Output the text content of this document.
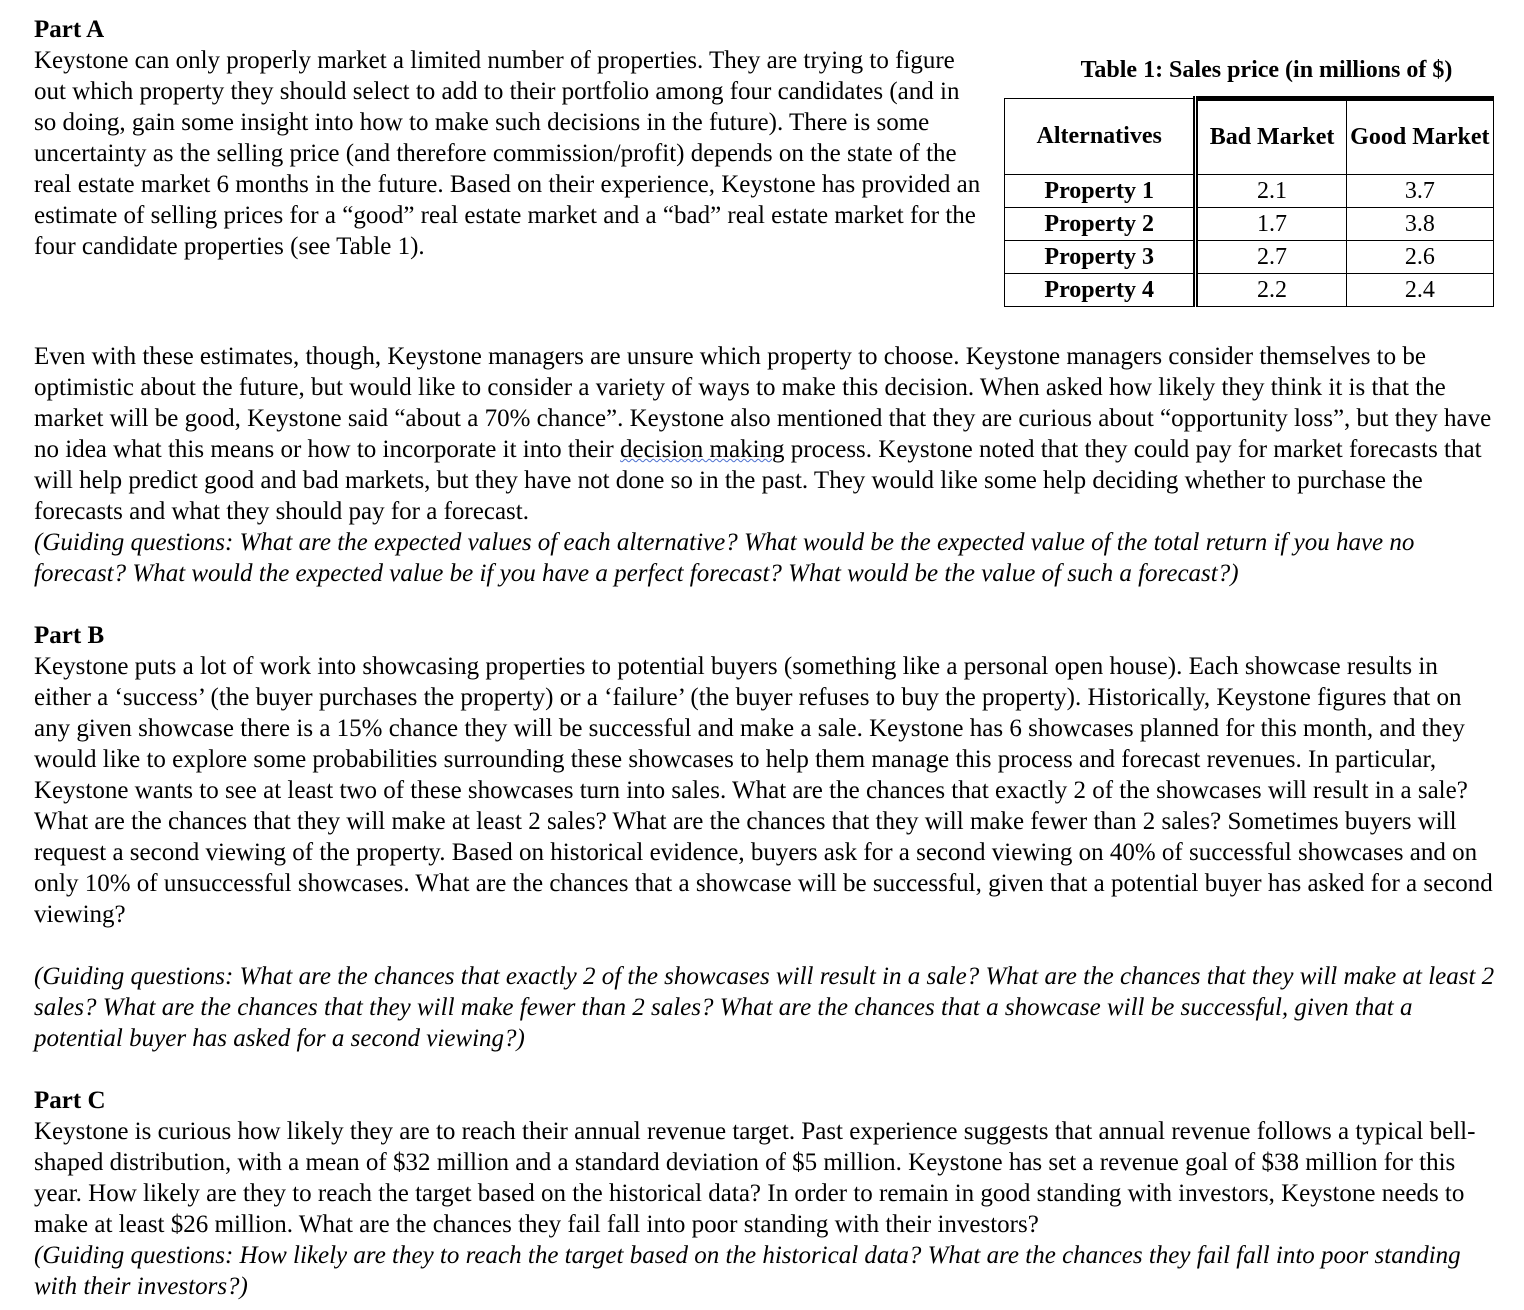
Part A

Keystone can only properly market a limited number of properties. They are trying to figure out which property they should select to add to their portfolio among four candidates (and in so doing, gain some insight into how to make such decisions in the future). There is some uncertainty as the selling price (and therefore commission/profit) depends on the state of the real estate market 6 months in the future. Based on their experience, Keystone has provided an estimate of selling prices for a “good” real estate market and a “bad” real estate market for the four candidate properties (see Table 1).

Table 1: Sales price (in millions of $)
Alternatives	Bad Market	Good Market
Property 1	2.1	3.7
Property 2	1.7	3.8
Property 3	2.7	2.6
Property 4	2.2	2.4

Even with these estimates, though, Keystone managers are unsure which property to choose. Keystone managers consider themselves to be optimistic about the future, but would like to consider a variety of ways to make this decision. When asked how likely they think it is that the market will be good, Keystone said “about a 70% chance”. Keystone also mentioned that they are curious about “opportunity loss”, but they have no idea what this means or how to incorporate it into their decision making process. Keystone noted that they could pay for market forecasts that will help predict good and bad markets, but they have not done so in the past. They would like some help deciding whether to purchase the forecasts and what they should pay for a forecast.

(Guiding questions: What are the expected values of each alternative? What would be the expected value of the total return if you have no forecast? What would the expected value be if you have a perfect forecast? What would be the value of such a forecast?)

Part B

Keystone puts a lot of work into showcasing properties to potential buyers (something like a personal open house). Each showcase results in either a ‘success’ (the buyer purchases the property) or a ‘failure’ (the buyer refuses to buy the property). Historically, Keystone figures that on any given showcase there is a 15% chance they will be successful and make a sale. Keystone has 6 showcases planned for this month, and they would like to explore some probabilities surrounding these showcases to help them manage this process and forecast revenues. In particular, Keystone wants to see at least two of these showcases turn into sales. What are the chances that exactly 2 of the showcases will result in a sale? What are the chances that they will make at least 2 sales? What are the chances that they will make fewer than 2 sales? Sometimes buyers will request a second viewing of the property. Based on historical evidence, buyers ask for a second viewing on 40% of successful showcases and on only 10% of unsuccessful showcases. What are the chances that a showcase will be successful, given that a potential buyer has asked for a second viewing?

(Guiding questions: What are the chances that exactly 2 of the showcases will result in a sale? What are the chances that they will make at least 2 sales? What are the chances that they will make fewer than 2 sales? What are the chances that a showcase will be successful, given that a potential buyer has asked for a second viewing?)

Part C

Keystone is curious how likely they are to reach their annual revenue target. Past experience suggests that annual revenue follows a typical bell-shaped distribution, with a mean of $32 million and a standard deviation of $5 million. Keystone has set a revenue goal of $38 million for this year. How likely are they to reach the target based on the historical data? In order to remain in good standing with investors, Keystone needs to make at least $26 million. What are the chances they fail fall into poor standing with their investors?

(Guiding questions: How likely are they to reach the target based on the historical data? What are the chances they fail fall into poor standing with their investors?)
